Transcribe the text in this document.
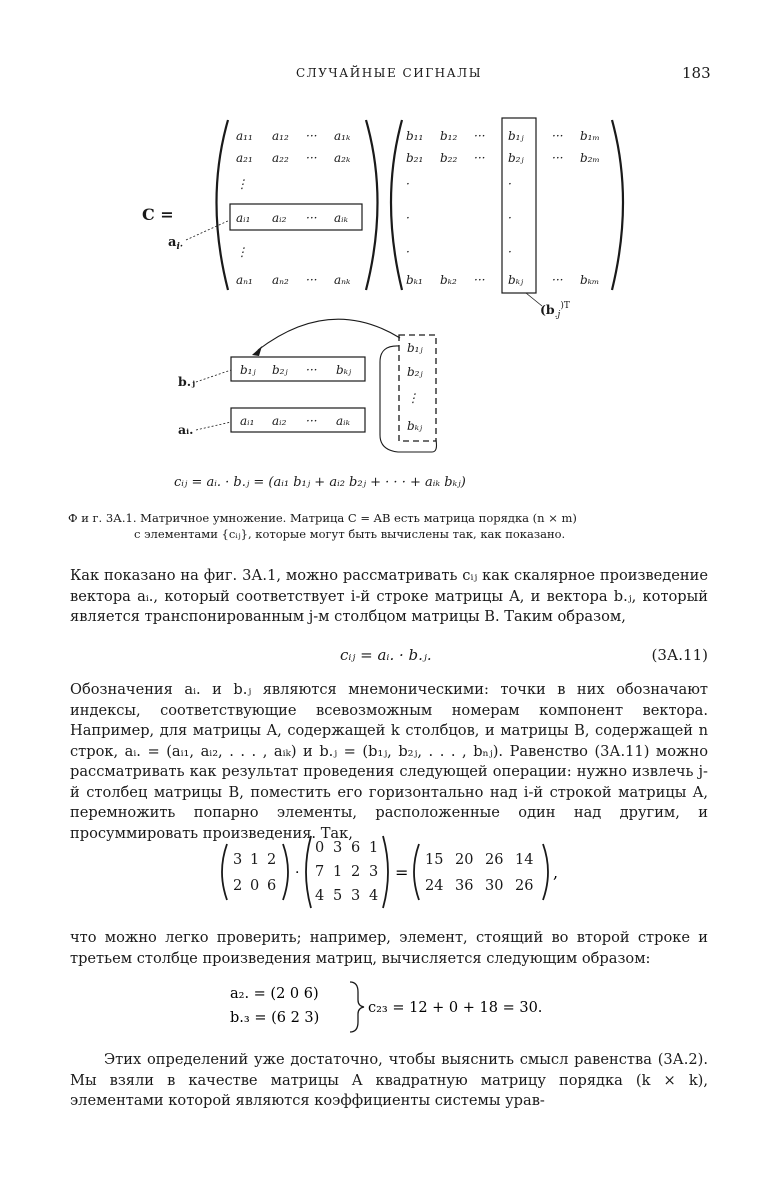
СЛУЧАЙНЫЕ СИГНАЛЫ	183
C =
a₁₁ a₁₂ ··· a₁ₖ
a₂₁ a₂₂ ··· a₂ₖ
⋮
aᵢ₁ aᵢ₂ ··· aᵢₖ
⋮
aₙ₁ aₙ₂ ··· aₙₖ
$a_{i\cdot}$
b₁₁ b₁₂ ··· b₁ⱼ ··· b₁ₘ
b₂₁ b₂₂ ··· b₂ⱼ ··· b₂ₘ
·	·
·	·
·	·
bₖ₁ bₖ₂ ··· bₖⱼ ··· bₖₘ
($b_{.j}^{)T}$
b₁ⱼ b₂ⱼ ··· bₖⱼ
aᵢ₁ aᵢ₂ ··· aᵢₖ
b₁ⱼ
b₂ⱼ
⋮
bₖⱼ
b.ⱼ
aᵢ.
cᵢⱼ = aᵢ. · b.ⱼ = (aᵢ₁ b₁ⱼ + aᵢ₂ b₂ⱼ + · · · + aᵢₖ bₖⱼ)
Ф и г. 3А.1. Матричное умножение. Матрица C = AB есть матрица порядка (n × m)
с элементами {cᵢⱼ}, которые могут быть вычислены так, как показано.

Как показано на фиг. 3А.1, можно рассматривать cᵢⱼ как скалярное произведение вектора aᵢ., который соответствует i-й строке матрицы A, и вектора b.ⱼ, который является транспонированным j-м столбцом матрицы B. Таким образом,

cᵢⱼ = aᵢ. · b.ⱼ.	(3А.11)

Обозначения aᵢ. и b.ⱼ являются мнемоническими: точки в них обозначают индексы, соответствующие всевозможным номерам компонент вектора. Например, для матрицы A, содержащей k столбцов, и матрицы B, содержащей n строк, aᵢ. = (aᵢ₁, aᵢ₂, . . . , aᵢₖ) и b.ⱼ = (b₁ⱼ, b₂ⱼ, . . . , bₙⱼ). Равенство (3А.11) можно рассматривать как результат проведения следующей операции: нужно извлечь j-й столбец матрицы B, поместить его горизонтально над i-й строкой матрицы A, перемножить попарно элементы, расположенные один над другим, и просуммировать произведения. Так,

3 1 2
2 0 6
0 3 6 1
7 1 2 3
4 5 3 4
15 20 26 14
24 36 30 26
·	=	,

что можно легко проверить; например, элемент, стоящий во второй строке и третьем столбце произведения матриц, вычисляется следующим образом:

a₂. = (2 0 6)
b.₃ = (6 2 3)
c₂₃ = 12 + 0 + 18 = 30.

Этих определений уже достаточно, чтобы выяснить смысл равенства (3А.2). Мы взяли в качестве матрицы A квадратную матрицу порядка (k × k), элементами которой являются коэффициенты системы урав-
